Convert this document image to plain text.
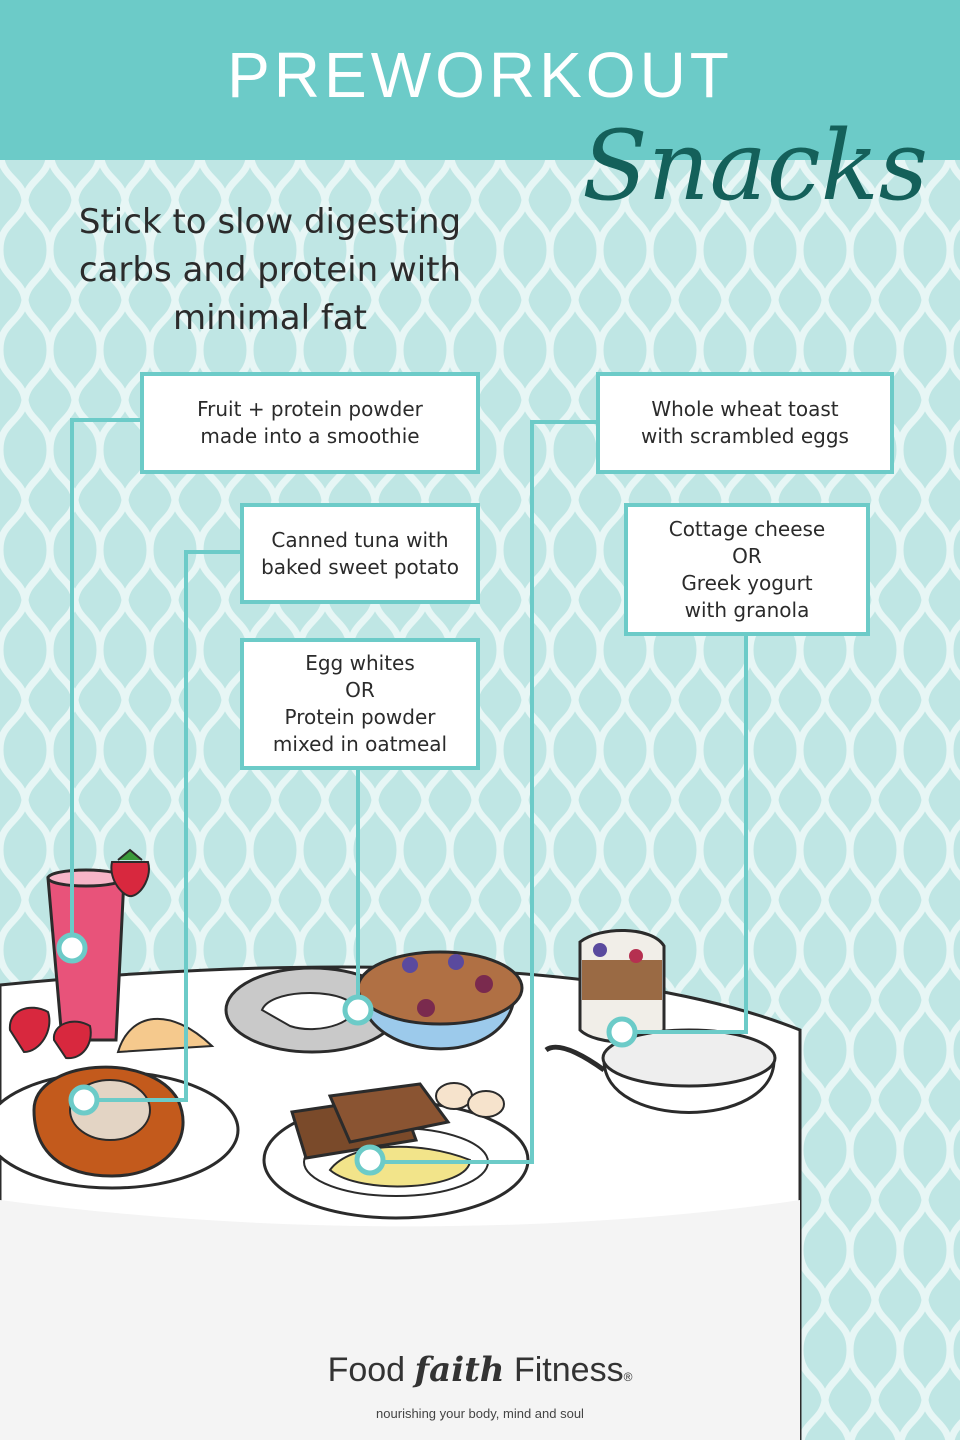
PREWORKOUT
Snacks
Stick to slow digesting carbs and protein with minimal fat
Fruit + protein powder
made into a smoothie
Canned tuna with
baked sweet potato
Egg whites
OR
Protein powder
mixed in oatmeal
Whole wheat toast
with scrambled eggs
Cottage cheese
OR
Greek yogurt
with granola
Food faith Fitness®
nourishing your body, mind and soul
